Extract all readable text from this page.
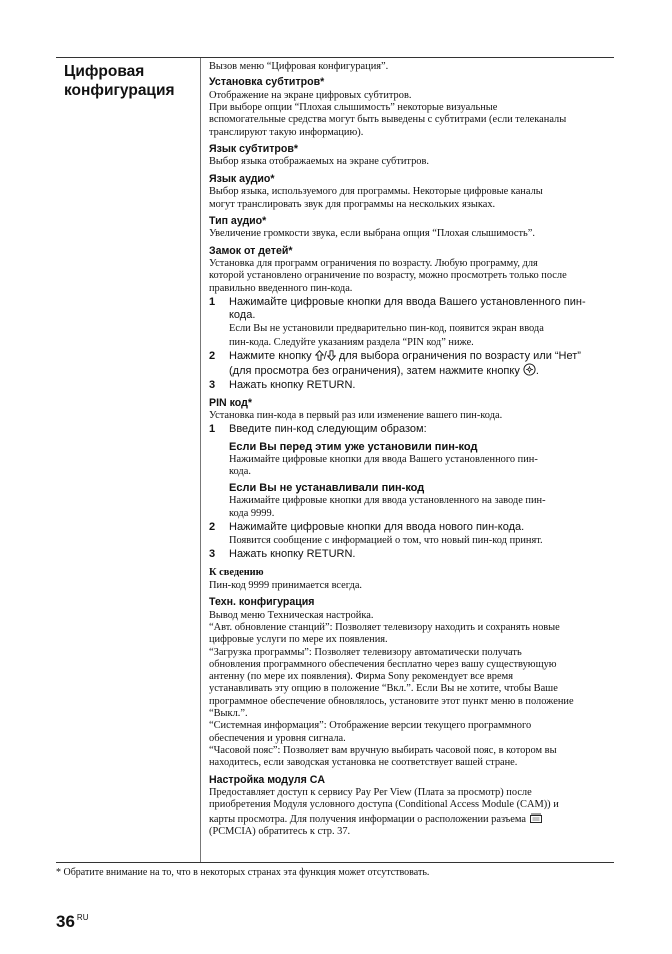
Цифровая конфигурация

Вызов меню “Цифровая конфигурация”.

Установка субтитров*

Отображение на экране цифровых субтитров.

При выборе опции “Плохая слышимость” некоторые визуальные

вспомогательные средства могут быть выведены с субтитрами (если телеканалы

транслируют такую информацию).

Язык субтитров*

Выбор языка отображаемых на экране субтитров.

Язык аудио*

Выбор языка, используемого для программы. Некоторые цифровые каналы

могут транслировать звук для программы на нескольких языках.

Тип аудио*

Увеличение громкости звука, если выбрана опция “Плохая слышимость”.

Замок от детей*

Установка для программ ограничения по возрасту. Любую программу, для

которой установлено ограничение по возрасту, можно просмотреть только после

правильно введенного пин-кода.

1 Нажимайте цифровые кнопки для ввода Вашего установленного пин-
кода.
Если Вы не установили предварительно пин-код, появится экран ввода
пин-кода. Следуйте указаниям раздела “PIN код” ниже.
2 Нажмите кнопку / для выбора ограничения по возрасту или “Нет”
(для просмотра без ограничения), затем нажмите кнопку .
3 Нажать кнопку RETURN.

PIN код*

Установка пин-кода в первый раз или изменение вашего пин-кода.

1 Введите пин-код следующим образом:
Если Вы перед этим уже установили пин-код
Нажимайте цифровые кнопки для ввода Вашего установленного пин-
кода.
Если Вы не устанавливали пин-код
Нажимайте цифровые кнопки для ввода установленного на заводе пин-
кода 9999.
2 Нажимайте цифровые кнопки для ввода нового пин-кода.
Появится сообщение с информацией о том, что новый пин-код принят.
3 Нажать кнопку RETURN.

К сведению

Пин-код 9999 принимается всегда.

Техн. конфигурация

Вывод меню Техническая настройка.

“Авт. обновление станций”: Позволяет телевизору находить и сохранять новые

цифровые услуги по мере их появления.

“Загрузка программы”: Позволяет телевизору автоматически получать

обновления программного обеспечения бесплатно через вашу существующую

антенну (по мере их появления). Фирма Sony рекомендует все время

устанавливать эту опцию в положение “Вкл.”. Если Вы не хотите, чтобы Ваше

программное обеспечение обновлялось, установите этот пункт меню в положение

“Выкл.”.

“Системная информация”: Отображение версии текущего программного

обеспечения и уровня сигнала.

“Часовой пояс”: Позволяет вам вручную выбирать часовой пояс, в котором вы

находитесь, если заводская установка не соответствует вашей стране.

Настройка модуля CA

Предоставляет доступ к сервису Pay Per View (Плата за просмотр) после

приобретения Модуля условного доступа (Conditional Access Module (CAM)) и

карты просмотра. Для получения информации о расположении разъема

(PCMCIA) обратитесь к стр. 37.

* Обратите внимание на то, что в некоторых странах эта функция может отсутствовать.
36 $^{RU}$
